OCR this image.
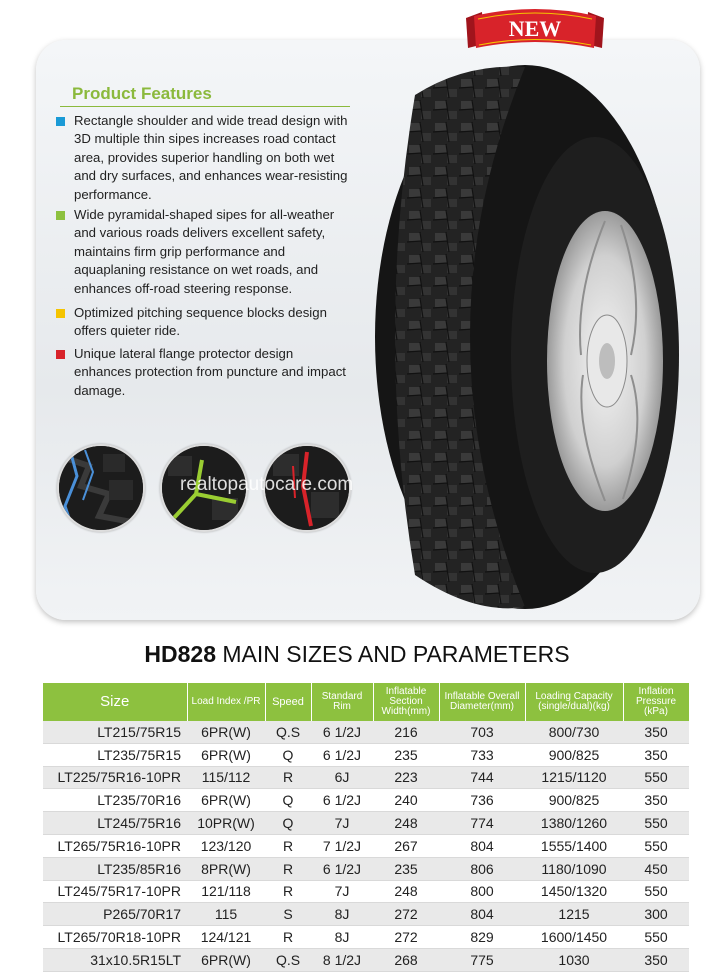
NEW
Product Features
Rectangle shoulder and wide tread design with 3D multiple thin sipes increases road contact area, provides superior handling on both wet and dry surfaces, and enhances wear-resisting performance.
Wide pyramidal-shaped sipes for all-weather and various roads delivers excellent safety, maintains firm grip performance and aquaplaning resistance on wet roads, and enhances off-road steering response.
Optimized pitching sequence blocks design offers quieter ride.
Unique lateral flange protector design enhances protection from puncture and impact damage.
realtopautocare.com
HD828 MAIN SIZES AND PARAMETERS
Size	Load Index /PR	Speed	Standard Rim	Inflatable Section Width(mm)	Inflatable Overall Diameter(mm)	Loading Capacity (single/dual)(kg)	Inflation Pressure (kPa)
LT215/75R15	6PR(W)	Q.S	6 1/2J	216	703	800/730	350
LT235/75R15	6PR(W)	Q	6 1/2J	235	733	900/825	350
LT225/75R16-10PR	115/112	R	6J	223	744	1215/1120	550
LT235/70R16	6PR(W)	Q	6 1/2J	240	736	900/825	350
LT245/75R16	10PR(W)	Q	7J	248	774	1380/1260	550
LT265/75R16-10PR	123/120	R	7 1/2J	267	804	1555/1400	550
LT235/85R16	8PR(W)	R	6 1/2J	235	806	1180/1090	450
LT245/75R17-10PR	121/118	R	7J	248	800	1450/1320	550
P265/70R17	115	S	8J	272	804	1215	300
LT265/70R18-10PR	124/121	R	8J	272	829	1600/1450	550
31x10.5R15LT	6PR(W)	Q.S	8 1/2J	268	775	1030	350
